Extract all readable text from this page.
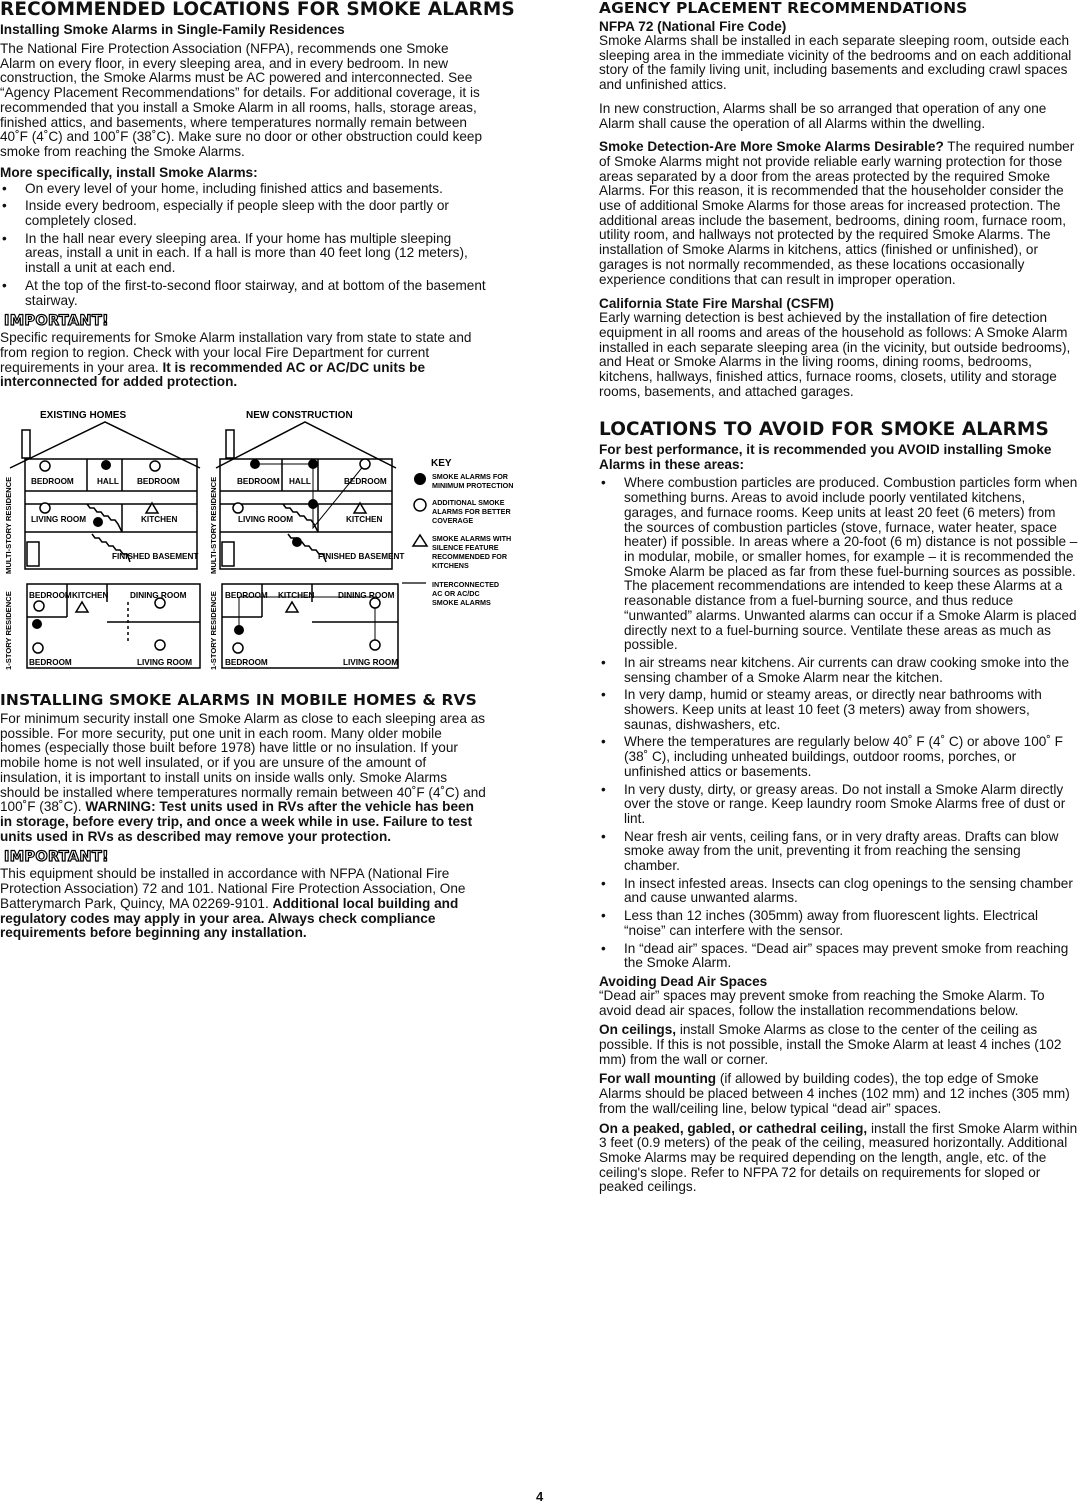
RECOMMENDED LOCATIONS FOR SMOKE ALARMS
Installing Smoke Alarms in Single-Family Residences

The National Fire Protection Association (NFPA), recommends one Smoke Alarm on every floor, in every sleeping area, and in every bedroom. In new construction, the Smoke Alarms must be AC powered and interconnected. See “Agency Placement Recommendations” for details. For additional coverage, it is recommended that you install a Smoke Alarm in all rooms, halls, storage areas, finished attics, and basements, where temperatures normally remain between 40˚F (4˚C) and 100˚F (38˚C). Make sure no door or other obstruction could keep smoke from reaching the Smoke Alarms.

More specifically, install Smoke Alarms:
• On every level of your home, including finished attics and basements.
• Inside every bedroom, especially if people sleep with the door partly or completely closed.
• In the hall near every sleeping area. If your home has multiple sleeping areas, install a unit in each. If a hall is more than 40 feet long (12 meters), install a unit at each end.
• At the top of the first-to-second floor stairway, and at bottom of the basement stairway.
IMPORTANT!

Specific requirements for Smoke Alarm installation vary from state to state and from region to region. Check with your local Fire Department for current requirements in your area. It is recommended AC or AC/DC units be interconnected for added protection.

INSTALLING SMOKE ALARMS IN MOBILE HOMES & RVS

For minimum security install one Smoke Alarm as close to each sleeping area as possible. For more security, put one unit in each room. Many older mobile homes (especially those built before 1978) have little or no insulation. If your mobile home is not well insulated, or if you are unsure of the amount of insulation, it is important to install units on inside walls only. Smoke Alarms should be installed where temperatures normally remain between 40˚F (4˚C) and 100˚F (38˚C). WARNING: Test units used in RVs after the vehicle has been in storage, before every trip, and once a week while in use. Failure to test units used in RVs as described may remove your protection.

IMPORTANT!

This equipment should be installed in accordance with NFPA (National Fire Protection Association) 72 and 101. National Fire Protection Association, One Batterymarch Park, Quincy, MA 02269-9101. Additional local building and regulatory codes may apply in your area. Always check compliance requirements before beginning any installation.

EXISTING HOMES	NEW CONSTRUCTION
BEDROOM	HALL BEDROOM
LIVING ROOM	KITCHEN
FINISHED BASEMENT
BEDROOM KITCHEN	DINING ROOM
BEDROOM	LIVING ROOM
BEDROOM HALL	BEDROOM
LIVING ROOM	KITCHEN
FINISHED BASEMENT
BEDROOM KITCHEN	DINING ROOM
BEDROOM	LIVING ROOM
MULTI-STORY RESIDENCE
1-STORY RESIDENCE
MULTI-STORY RESIDENCE
1-STORY RESIDENCE
KEY
SMOKE ALARMS FOR
MINIMUM PROTECTION
ADDITIONAL SMOKE
ALARMS FOR BETTER
COVERAGE
SMOKE ALARMS WITH
SILENCE FEATURE
RECOMMENDED FOR
KITCHENS
INTERCONNECTED
AC OR AC/DC
SMOKE ALARMS
AGENCY PLACEMENT RECOMMENDATIONS
NFPA 72 (National Fire Code)

Smoke Alarms shall be installed in each separate sleeping room, outside each sleeping area in the immediate vicinity of the bedrooms and on each additional story of the family living unit, including basements and excluding crawl spaces and unfinished attics.

In new construction, Alarms shall be so arranged that operation of any one Alarm shall cause the operation of all Alarms within the dwelling.

Smoke Detection-Are More Smoke Alarms Desirable? The required number of Smoke Alarms might not provide reliable early warning protection for those areas separated by a door from the areas protected by the required Smoke Alarms. For this reason, it is recommended that the householder consider the use of additional Smoke Alarms for those areas for increased protection. The additional areas include the basement, bedrooms, dining room, furnace room, utility room, and hallways not protected by the required Smoke Alarms. The installation of Smoke Alarms in kitchens, attics (finished or unfinished), or garages is not normally recommended, as these locations occasionally experience conditions that can result in improper operation.

California State Fire Marshal (CSFM)

Early warning detection is best achieved by the installation of fire detection equipment in all rooms and areas of the household as follows: A Smoke Alarm installed in each separate sleeping area (in the vicinity, but outside bedrooms), and Heat or Smoke Alarms in the living rooms, dining rooms, bedrooms, kitchens, hallways, finished attics, furnace rooms, closets, utility and storage rooms, basements, and attached garages.

LOCATIONS TO AVOID FOR SMOKE ALARMS
For best performance, it is recommended you AVOID installing Smoke Alarms in these areas:
• Where combustion particles are produced. Combustion particles form when something burns. Areas to avoid include poorly ventilated kitchens, garages, and furnace rooms. Keep units at least 20 feet (6 meters) from the sources of combustion particles (stove, furnace, water heater, space heater) if possible. In areas where a 20-foot (6 m) distance is not possible – in modular, mobile, or smaller homes, for example – it is recommended the Smoke Alarm be placed as far from these fuel-burning sources as possible. The placement recommendations are intended to keep these Alarms at a reasonable distance from a fuel-burning source, and thus reduce “unwanted” alarms. Unwanted alarms can occur if a Smoke Alarm is placed directly next to a fuel-burning source. Ventilate these areas as much as possible.
• In air streams near kitchens. Air currents can draw cooking smoke into the sensing chamber of a Smoke Alarm near the kitchen.
• In very damp, humid or steamy areas, or directly near bathrooms with showers. Keep units at least 10 feet (3 meters) away from showers, saunas, dishwashers, etc.
• Where the temperatures are regularly below 40˚ F (4˚ C) or above 100˚ F (38˚ C), including unheated buildings, outdoor rooms, porches, or unfinished attics or basements.
• In very dusty, dirty, or greasy areas. Do not install a Smoke Alarm directly over the stove or range. Keep laundry room Smoke Alarms free of dust or lint.
• Near fresh air vents, ceiling fans, or in very drafty areas. Drafts can blow smoke away from the unit, preventing it from reaching the sensing chamber.
• In insect infested areas. Insects can clog openings to the sensing chamber and cause unwanted alarms.
• Less than 12 inches (305mm) away from fluorescent lights. Electrical “noise” can interfere with the sensor.
• In “dead air” spaces. “Dead air” spaces may prevent smoke from reaching the Smoke Alarm.
Avoiding Dead Air Spaces

“Dead air” spaces may prevent smoke from reaching the Smoke Alarm. To avoid dead air spaces, follow the installation recommendations below.

On ceilings, install Smoke Alarms as close to the center of the ceiling as possible. If this is not possible, install the Smoke Alarm at least 4 inches (102 mm) from the wall or corner.

For wall mounting (if allowed by building codes), the top edge of Smoke Alarms should be placed between 4 inches (102 mm) and 12 inches (305 mm) from the wall/ceiling line, below typical “dead air” spaces.

On a peaked, gabled, or cathedral ceiling, install the first Smoke Alarm within 3 feet (0.9 meters) of the peak of the ceiling, measured horizontally. Additional Smoke Alarms may be required depending on the length, angle, etc. of the ceiling's slope. Refer to NFPA 72 for details on requirements for sloped or peaked ceilings.

4
